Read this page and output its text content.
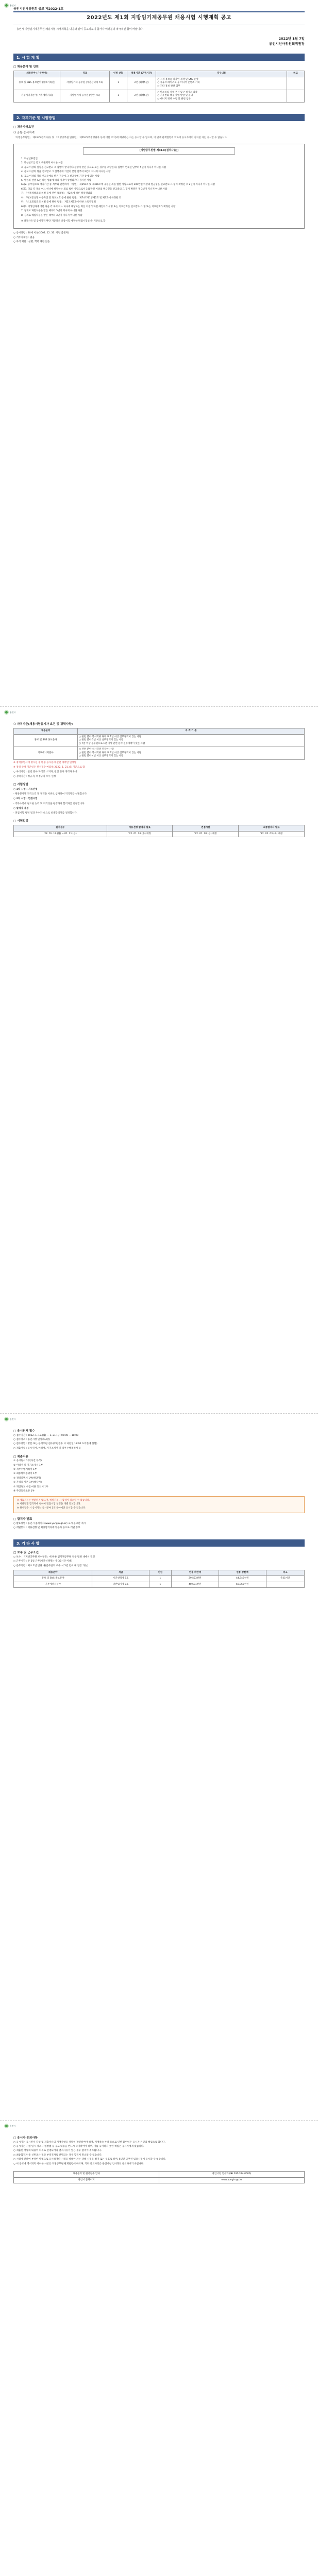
용인시
용인시인사위원회 공고 제2022-1호
2022년도 제1회 지방임기제공무원 채용시험 시행계획 공고

용인시 지방임기제공무원 채용시험 시행계획을 다음과 같이 공고하오니 참가자 여러분의 적극적인 참여 바랍니다.

2022년 1월 7일
용인시인사위원회위원장
1. 시 험 계 획
□ 채용분야 및 인원
채용분야 (근무부서)	직급	인원 (명)	채용기간 (근무기간)	직무내용	비고
홍보 및 SNS 홍보분야 (홍보기획관)	지방임기제 공무원 [시간선택제 7호]	1	2년 (최대5년)	○ 시정 홍보물 디자인·제작 및 SNS 운영
○ 유튜브·페이스북 등 미디어 콘텐츠 기획
○ 기타 홍보 관련 업무	
기후에너지분야 (기후에너지과)	지방임기제 공무원 [일반 7호]	1	2년 (최대5년)	○ 탄소중립 정책 추진 및 온실가스 감축
○ 기후변화 대응 사업 발굴 및 운영
○ 에너지 정책 수립 및 관련 업무	
2. 자격기준 및 시험방법
□ 채용자격요건
❍ 공통 응시자격

「지방공무원법」 제31조(결격사유) 및 「지방공무원 임용령」 제65조(부정행위자 등에 대한 조치)에 해당하는 자는 응시할 수 없으며, 이 밖에 관계법령에 의하여 응시자격이 정지된 자는 응시할 수 없습니다.

[지방공무원법 제31조(결격사유)]

1. 피성년후견인

2. 파산선고를 받고 복권되지 아니한 사람

3. 금고 이상의 실형을 선고받고 그 집행이 끝나거나(집행이 끝난 것으로 보는 경우를 포함한다) 집행이 면제된 날부터 5년이 지나지 아니한 사람

4. 금고 이상의 형을 선고받고 그 집행유예 기간이 끝난 날부터 2년이 지나지 아니한 사람

5. 금고 이상의 형의 선고유예를 받은 경우에 그 선고유예 기간 중에 있는 사람

6. 법원의 판결 또는 다른 법률에 따라 자격이 상실되거나 정지된 사람

6의2. 공무원으로 재직기간 중 직무와 관련하여 「형법」 제355조 및 제356조에 규정된 죄를 범한 사람으로서 300만원 이상의 벌금형을 선고받고 그 형이 확정된 후 2년이 지나지 아니한 사람

6의3. 다음 각 목의 어느 하나에 해당하는 죄를 범한 사람으로서 100만원 이상의 벌금형을 선고받고 그 형이 확정된 후 3년이 지나지 아니한 사람

가. 「성폭력범죄의 처벌 등에 관한 특례법」 제2조에 따른 성폭력범죄

나. 「정보통신망 이용촉진 및 정보보호 등에 관한 법률」 제74조제1항제2호 및 제3호에 규정된 죄

다. 「스토킹범죄의 처벌 등에 관한 법률」 제2조제2호에 따른 스토킹범죄

6의4. 미성년자에 대한 다음 각 목의 어느 하나에 해당하는 죄를 저질러 파면·해임되거나 형 또는 치료감호를 선고받아 그 형 또는 치료감호가 확정된 사람

7. 징계로 파면처분을 받은 때부터 5년이 지나지 아니한 사람

8. 징계로 해임처분을 받은 때부터 3년이 지나지 아니한 사람

※ 결격사유 및 응시자격 판단 기준일은 최종시험 예정일(면접시험일)을 기준으로 함

○ 응시연령 : 20세 이상(2002. 12. 31. 이전 출생자)
○ 거주지제한 : 없음
○ 자격 제한 : 성별, 학력 제한 없음
용인시
❍ 자격기준(채용시험응시자 요건 및 경력사항)
채용분야	자 격 기 준
홍보 및 SNS 홍보분야	○ 관련 분야 학사학위 취득 후 1년 이상 실무경력이 있는 사람
○ 관련 분야 3년 이상 실무경력이 있는 사람
○ 7급 이상 공무원으로 1년 이상 관련 분야 실무경력이 있는 사람
기후에너지분야	○ 관련 분야 석사학위 취득한 사람
○ 관련 분야 학사학위 취득 후 2년 이상 실무경력이 있는 사람
○ 관련 분야 4년 이상 실무경력이 있는 사람

※ 경력증명서에 명시된 경력 중 응시분야 관련 경력만 인정함

※ 경력 산정 기준일은 원서접수 마감일(2022. 1. 21.)을 기준으로 함

○ 우대사항 : 관련 분야 자격증 소지자, 관련 분야 경력자 우대

○ 경력기간 : 정규직, 비정규직 모두 인정

□ 시험방법

○ 1차 시험 : 서류전형

- 채용분야별 자격요건 및 경력을 서류로 심사하여 적격자를 선발합니다.

○ 2차 시험 : 면접시험

- 직무수행에 필요한 능력 및 적격성을 평정하여 합격자를 결정합니다.

○ 합격자 결정

- 면접시험 평정 결과 우수자 순으로 최종합격자를 결정합니다.

□ 시험일정
원서접수	서류전형 합격자 발표	면접시험	최종합격자 발표
'22. 01. 17.(월) ~ 01. 21.(금)	'22. 01. 26.(수) 예정	'22. 01. 28.(금) 예정	'22. 02. 03.(목) 예정
용인시
□ 응시원서 접수
○ 접수기간 : 2022. 1. 17.(월) ~ 1. 21.(금) 09:00 ~ 18:00
○ 접수장소 : 용인시청 인사과(4층)
○ 접수방법 : 방문 또는 등기우편 접수(우편접수 시 마감일 18:00 도착분에 한함)
○ 제출서류 : 응시원서, 이력서, 자기소개서 및 직무수행계획서 등
□ 제출서류
① 응시원서 1부(사진 부착)
② 이력서 및 자기소개서 1부
③ 직무수행계획서 1부
④ 최종학력증명서 1부
⑤ 경력증명서 1부(해당자)
⑥ 자격증 사본 1부(해당자)
⑦ 개인정보 수집·이용 동의서 1부
⑧ 주민등록초본 1부

※ 제출서류는 반환하지 않으며, 허위기재 시 합격이 취소될 수 있습니다.

※ 서류전형 합격자에 한하여 면접시험 일정을 개별 통보합니다.

※ 원서접수 시 응시자는 응시분야 1개 분야에만 응시할 수 있습니다.

□ 합격자 발표
○ 발표방법 : 용인시 홈페이지(www.yongin.go.kr) 고시·공고란 게시
○ 개별통지 : 서류전형 및 최종합격자에게 문자 등으로 개별 통보
3. 기 타 사 항
□ 보수 및 근무조건
○ 보수 : 「지방공무원 보수규정」에 따른 임기제공무원 연봉 범위 내에서 결정
○ 근무시간 : 주 5일 근무(시간선택제는 주 35시간 이내)
○ 근무기간 : 최초 2년 범위 내(근무실적 우수 시 5년 범위 내 연장 가능)
채용분야	직급	인원	연봉 하한액	연봉 상한액	비고
홍보 및 SNS 홍보분야	시간선택제 7호	1	29,553천원	44,346천원	주35시간
기후에너지분야	일반임기제 7호	1	40,531천원	58,963천원	
용인시
□ 응시자 유의사항
○ 응시자는 응시원서 작성 및 제출서류의 기재사항을 정확히 확인하여야 하며, 기재착오·누락 등으로 인한 불이익은 응시자 본인의 책임으로 합니다.
○ 응시자는 시험 일시·장소·시험방법 등 공고 내용을 반드시 숙지하여야 하며, 이를 숙지하지 못한 책임은 응시자에게 있습니다.
○ 제출된 서류의 내용이 허위로 판명되거나 결격사유가 있는 경우 합격이 취소됩니다.
○ 최종합격자 중 신원조사 결과 부적격자로 판명되는 경우 합격이 취소될 수 있습니다.
○ 시험에 관하여 부정한 방법으로 응시하거나 시험을 방해한 자는 당해 시험을 정지 또는 무효로 하며, 5년간 공무원 임용시험에 응시할 수 없습니다.
○ 이 공고에 명시되지 아니한 사항은 지방공무원 관계법령에 따르며, 기타 문의사항은 용인시청 인사과로 문의하시기 바랍니다.
채용문의 및 원서접수 안내	용인시청 인사과 (☎ 031-324-0000)
용인시 홈페이지	www.yongin.go.kr
